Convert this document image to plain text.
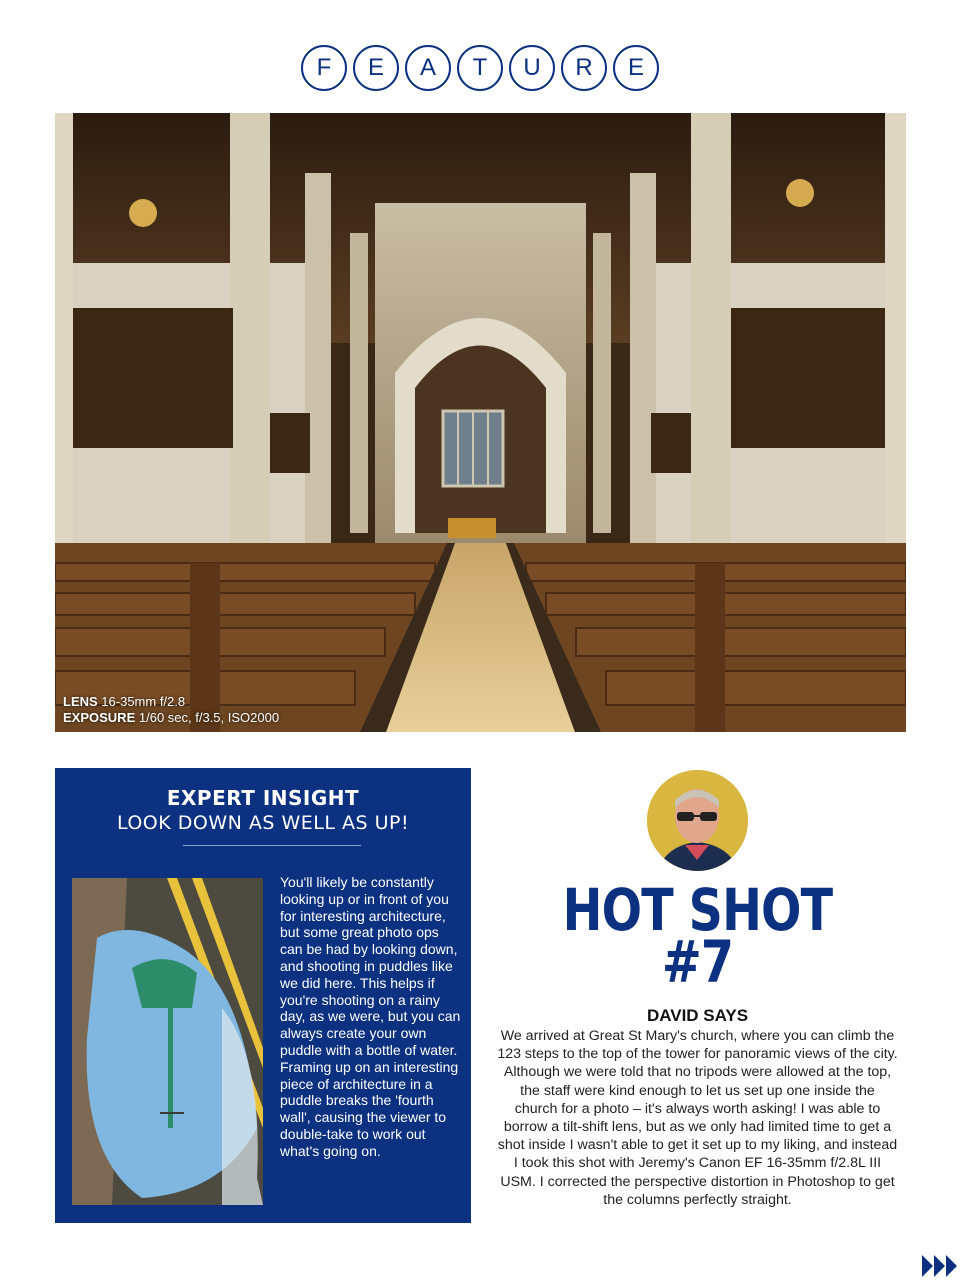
F	E	A	T	U	R	E
LENS 16-35mm f/2.8
EXPOSURE 1/60 sec, f/3.5, ISO2000
EXPERT INSIGHT
LOOK DOWN AS WELL AS UP!
You'll likely be constantly looking up or in front of you for interesting architecture, but some great photo ops can be had by looking down, and shooting in puddles like we did here. This helps if you're shooting on a rainy day, as we were, but you can always create your own puddle with a bottle of water. Framing up on an interesting piece of architecture in a puddle breaks the 'fourth wall', causing the viewer to double-take to work out what's going on.
HOT SHOT
#7
DAVID SAYS
We arrived at Great St Mary's church, where you can climb the 123 steps to the top of the tower for panoramic views of the city. Although we were told that no tripods were allowed at the top, the staff were kind enough to let us set up one inside the church for a photo – it's always worth asking! I was able to borrow a tilt-shift lens, but as we only had limited time to get a shot inside I wasn't able to get it set up to my liking, and instead I took this shot with Jeremy's Canon EF 16-35mm f/2.8L III USM. I corrected the perspective distortion in Photoshop to get the columns perfectly straight.
